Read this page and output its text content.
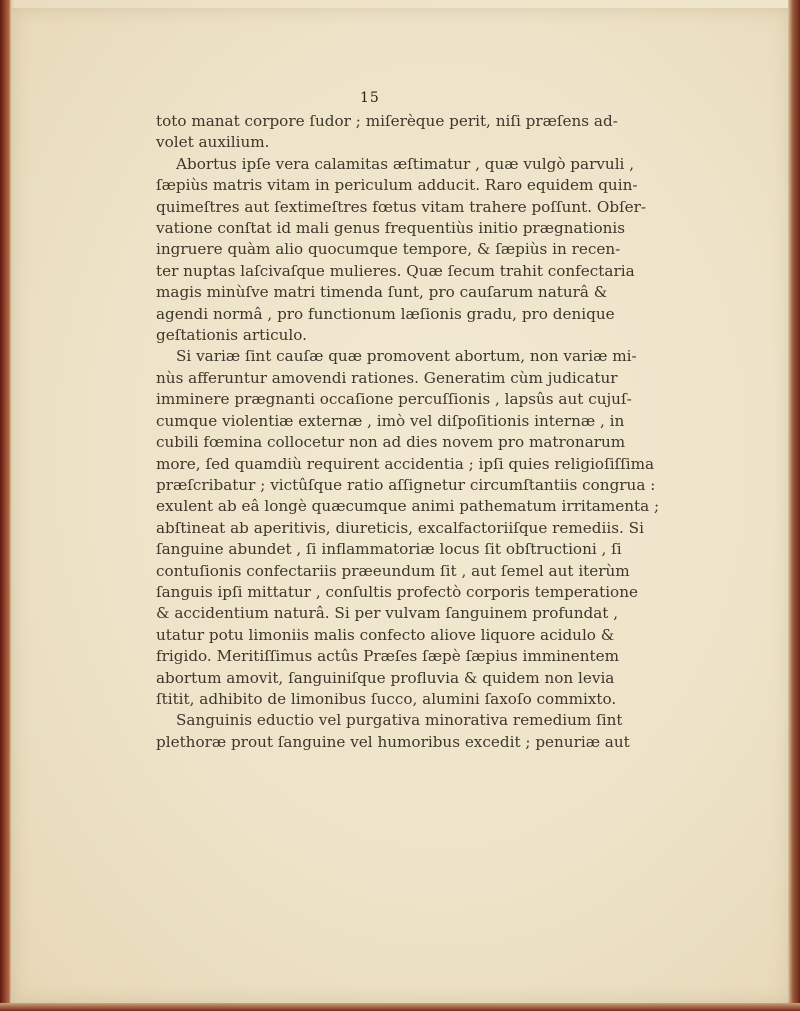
15
toto manat corpore ſudor ; miſerèque perit, niſi præſens ad-
volet auxilium.
Abortus ipſe vera calamitas æſtimatur , quæ vulgò parvuli ,
ſæpiùs matris vitam in periculum adducit. Raro equidem quin-
quimeſtres aut ſextimeſtres fœtus vitam trahere poſſunt. Obſer-
vatione conſtat id mali genus frequentiùs initio prægnationis
ingruere quàm alio quocumque tempore, & ſæpiùs in recen-
ter nuptas laſcivaſque mulieres. Quæ ſecum trahit confectaria
magis minùſve matri timenda ſunt, pro cauſarum naturâ &
agendi normâ , pro functionum læſionis gradu, pro denique
geſtationis articulo.
Si variæ ſint cauſæ quæ promovent abortum, non variæ mi-
nùs afferuntur amovendi rationes. Generatim cùm judicatur
imminere prægnanti occaſione percuſſionis , lapsûs aut cujuſ-
cumque violentiæ externæ , imò vel diſpoſitionis internæ , in
cubili fœmina collocetur non ad dies novem pro matronarum
more, ſed quamdiù requirent accidentia ; ipſi quies religioſiſſima
præſcribatur ; victûſque ratio aſſignetur circumſtantiis congrua :
exulent ab eâ longè quæcumque animi pathematum irritamenta ;
abſtineat ab aperitivis, diureticis, excalfactoriiſque remediis. Si
ſanguine abundet , ſi inflammatoriæ locus ſit obſtructioni , ſi
contuſionis confectariis præeundum ſit , aut ſemel aut iterùm
ſanguis ipſi mittatur , conſultis profectò corporis temperatione
& accidentium naturâ. Si per vulvam ſanguinem profundat ,
utatur potu limoniis malis confecto aliove liquore acidulo &
frigido. Meritiſſimus actûs Præſes ſæpè ſæpius imminentem
abortum amovit, ſanguiniſque profluvia & quidem non levia
ſtitit, adhibito de limonibus ſucco, alumini ſaxoſo commixto.
Sanguinis eductio vel purgativa minorativa remedium ſint
plethoræ prout ſanguine vel humoribus excedit ; penuriæ aut
